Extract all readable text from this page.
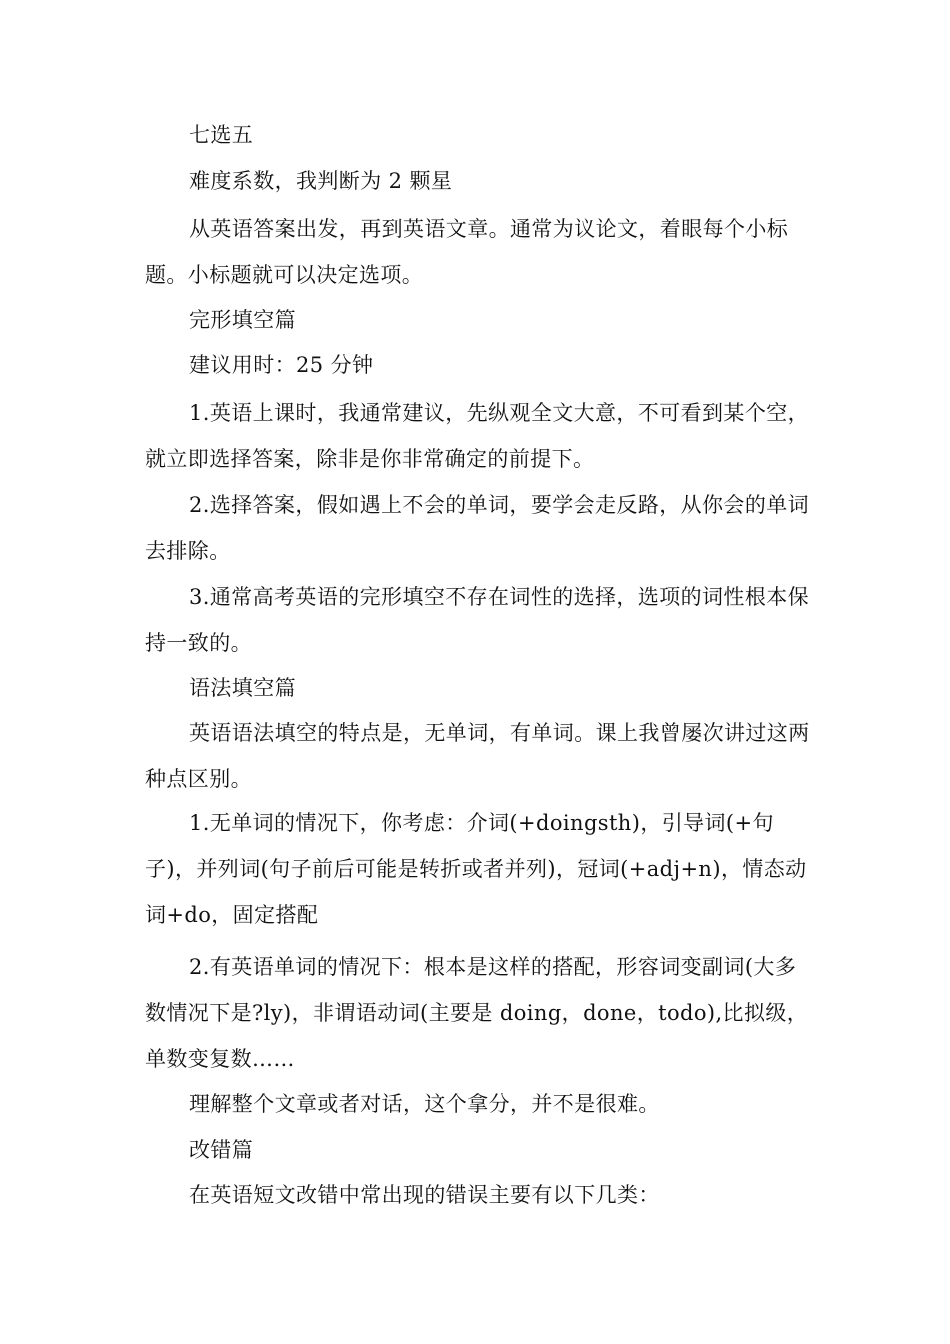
七选五

难度系数，我判断为 2 颗星

从英语答案出发，再到英语文章。通常为议论文，着眼每个小标题。小标题就可以决定选项。

完形填空篇

建议用时：25 分钟

1.英语上课时，我通常建议，先纵观全文大意，不可看到某个空，就立即选择答案，除非是你非常确定的前提下。

2.选择答案，假如遇上不会的单词，要学会走反路，从你会的单词去排除。

3.通常高考英语的完形填空不存在词性的选择，选项的词性根本保持一致的。

语法填空篇

英语语法填空的特点是，无单词，有单词。课上我曾屡次讲过这两种点区别。

1.无单词的情况下，你考虑：介词(+doingsth)，引导词(+句子)，并列词(句子前后可能是转折或者并列)，冠词(+adj+n)，情态动词+do，固定搭配

2.有英语单词的情况下：根本是这样的搭配，形容词变副词(大多数情况下是?ly)，非谓语动词(主要是 doing，done，todo),比拟级，单数变复数……

理解整个文章或者对话，这个拿分，并不是很难。

改错篇

在英语短文改错中常出现的错误主要有以下几类：
